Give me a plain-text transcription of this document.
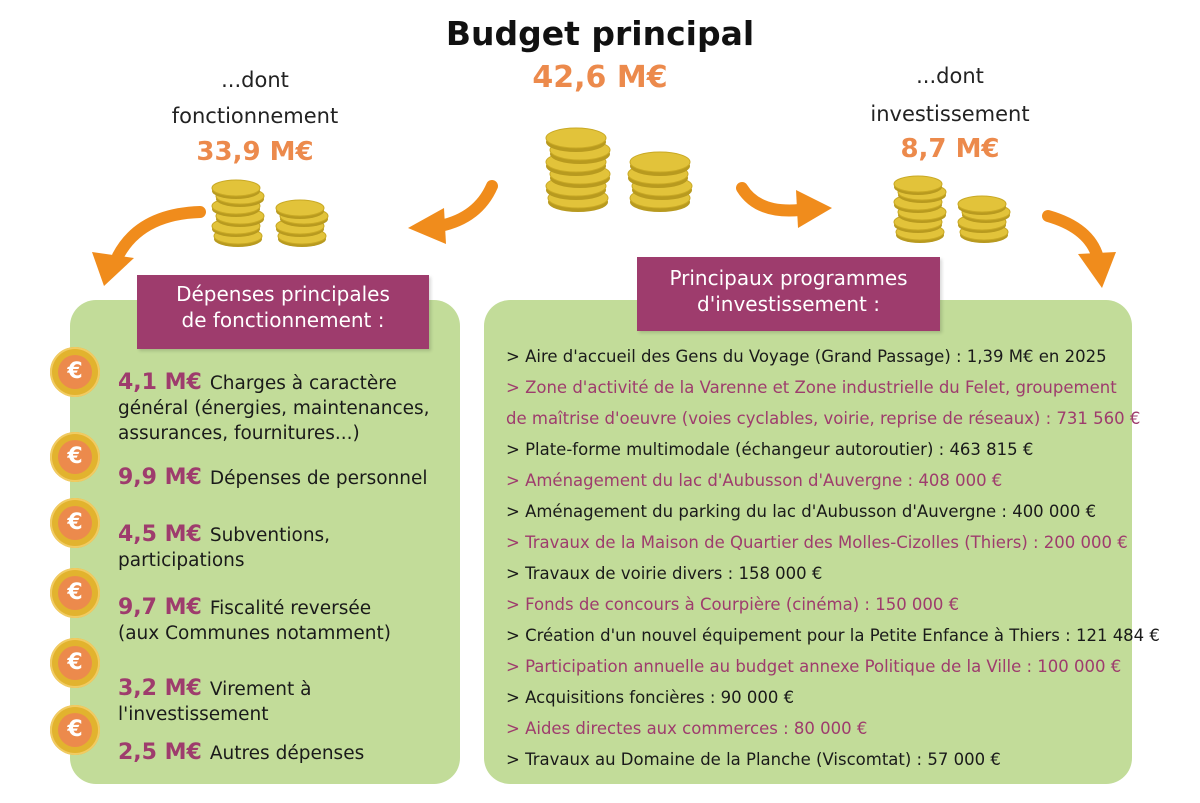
Budget principal
42,6 M€
...dont
fonctionnement
33,9 M€
...dont
investissement
8,7 M€
Dépenses principales
de fonctionnement :
Principaux programmes
d'investissement :
€
€
€
€
€
€
4,1 M€ Charges à caractère général (énergies, maintenances, assurances, fournitures...)
9,9 M€ Dépenses de personnel
4,5 M€ Subventions, participations
9,7 M€ Fiscalité reversée (aux Communes notamment)
3,2 M€ Virement à l'investissement
2,5 M€ Autres dépenses
> Aire d'accueil des Gens du Voyage (Grand Passage) : 1,39 M€ en 2025
> Zone d'activité de la Varenne et Zone industrielle du Felet, groupement
de maîtrise d'oeuvre (voies cyclables, voirie, reprise de réseaux) : 731 560 €
> Plate-forme multimodale (échangeur autoroutier) : 463 815 €
> Aménagement du lac d'Aubusson d'Auvergne : 408 000 €
> Aménagement du parking du lac d'Aubusson d'Auvergne : 400 000 €
> Travaux de la Maison de Quartier des Molles-Cizolles (Thiers) : 200 000 €
> Travaux de voirie divers : 158 000 €
> Fonds de concours à Courpière (cinéma) : 150 000 €
> Création d'un nouvel équipement pour la Petite Enfance à Thiers : 121 484 €
> Participation annuelle au budget annexe Politique de la Ville : 100 000 €
> Acquisitions foncières : 90 000 €
> Aides directes aux commerces : 80 000 €
> Travaux au Domaine de la Planche (Viscomtat) : 57 000 €
